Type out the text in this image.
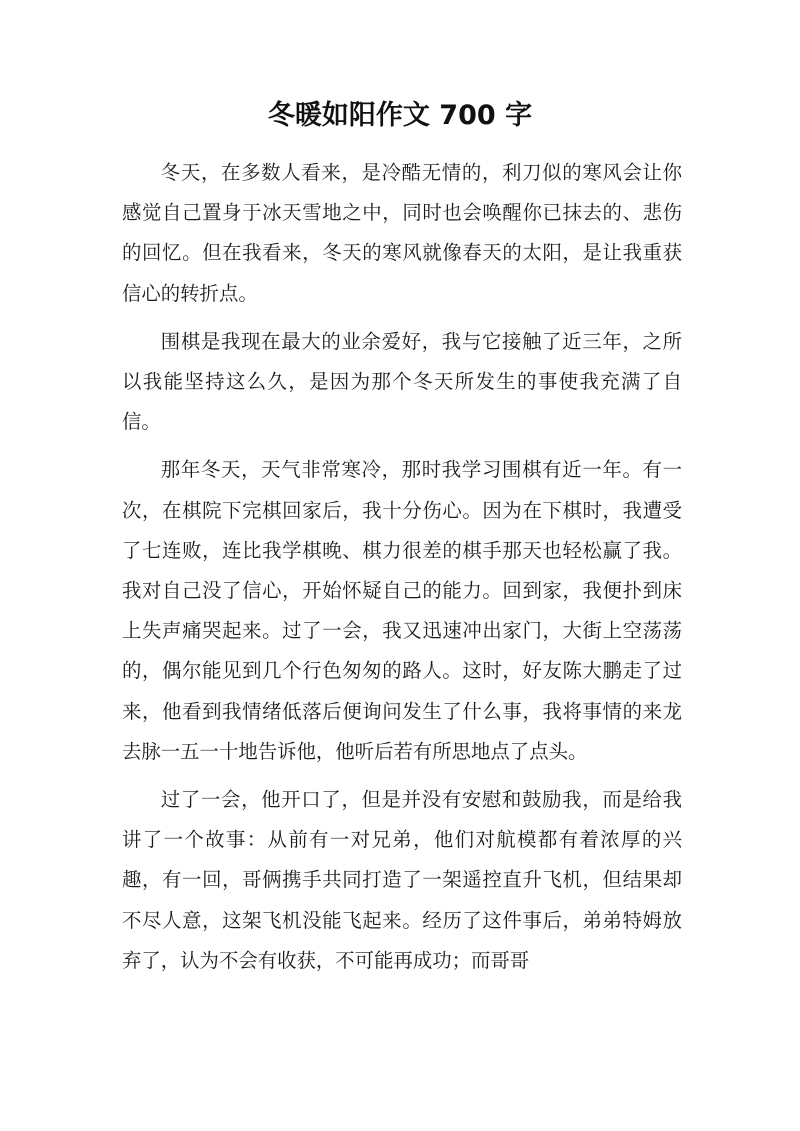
冬暖如阳作文 700 字

冬天，在多数人看来，是冷酷无情的，利刀似的寒风会让你感觉自己置身于冰天雪地之中，同时也会唤醒你已抹去的、悲伤的回忆。但在我看来，冬天的寒风就像春天的太阳，是让我重获信心的转折点。

围棋是我现在最大的业余爱好，我与它接触了近三年，之所以我能坚持这么久，是因为那个冬天所发生的事使我充满了自信。

那年冬天，天气非常寒冷，那时我学习围棋有近一年。有一次，在棋院下完棋回家后，我十分伤心。因为在下棋时，我遭受了七连败，连比我学棋晚、棋力很差的棋手那天也轻松赢了我。我对自己没了信心，开始怀疑自己的能力。回到家，我便扑到床上失声痛哭起来。过了一会，我又迅速冲出家门，大街上空荡荡的，偶尔能见到几个行色匆匆的路人。这时，好友陈大鹏走了过来，他看到我情绪低落后便询问发生了什么事，我将事情的来龙去脉一五一十地告诉他，他听后若有所思地点了点头。

过了一会，他开口了，但是并没有安慰和鼓励我，而是给我讲了一个故事：从前有一对兄弟，他们对航模都有着浓厚的兴趣，有一回，哥俩携手共同打造了一架遥控直升飞机，但结果却不尽人意，这架飞机没能飞起来。经历了这件事后，弟弟特姆放弃了，认为不会有收获，不可能再成功；而哥哥
